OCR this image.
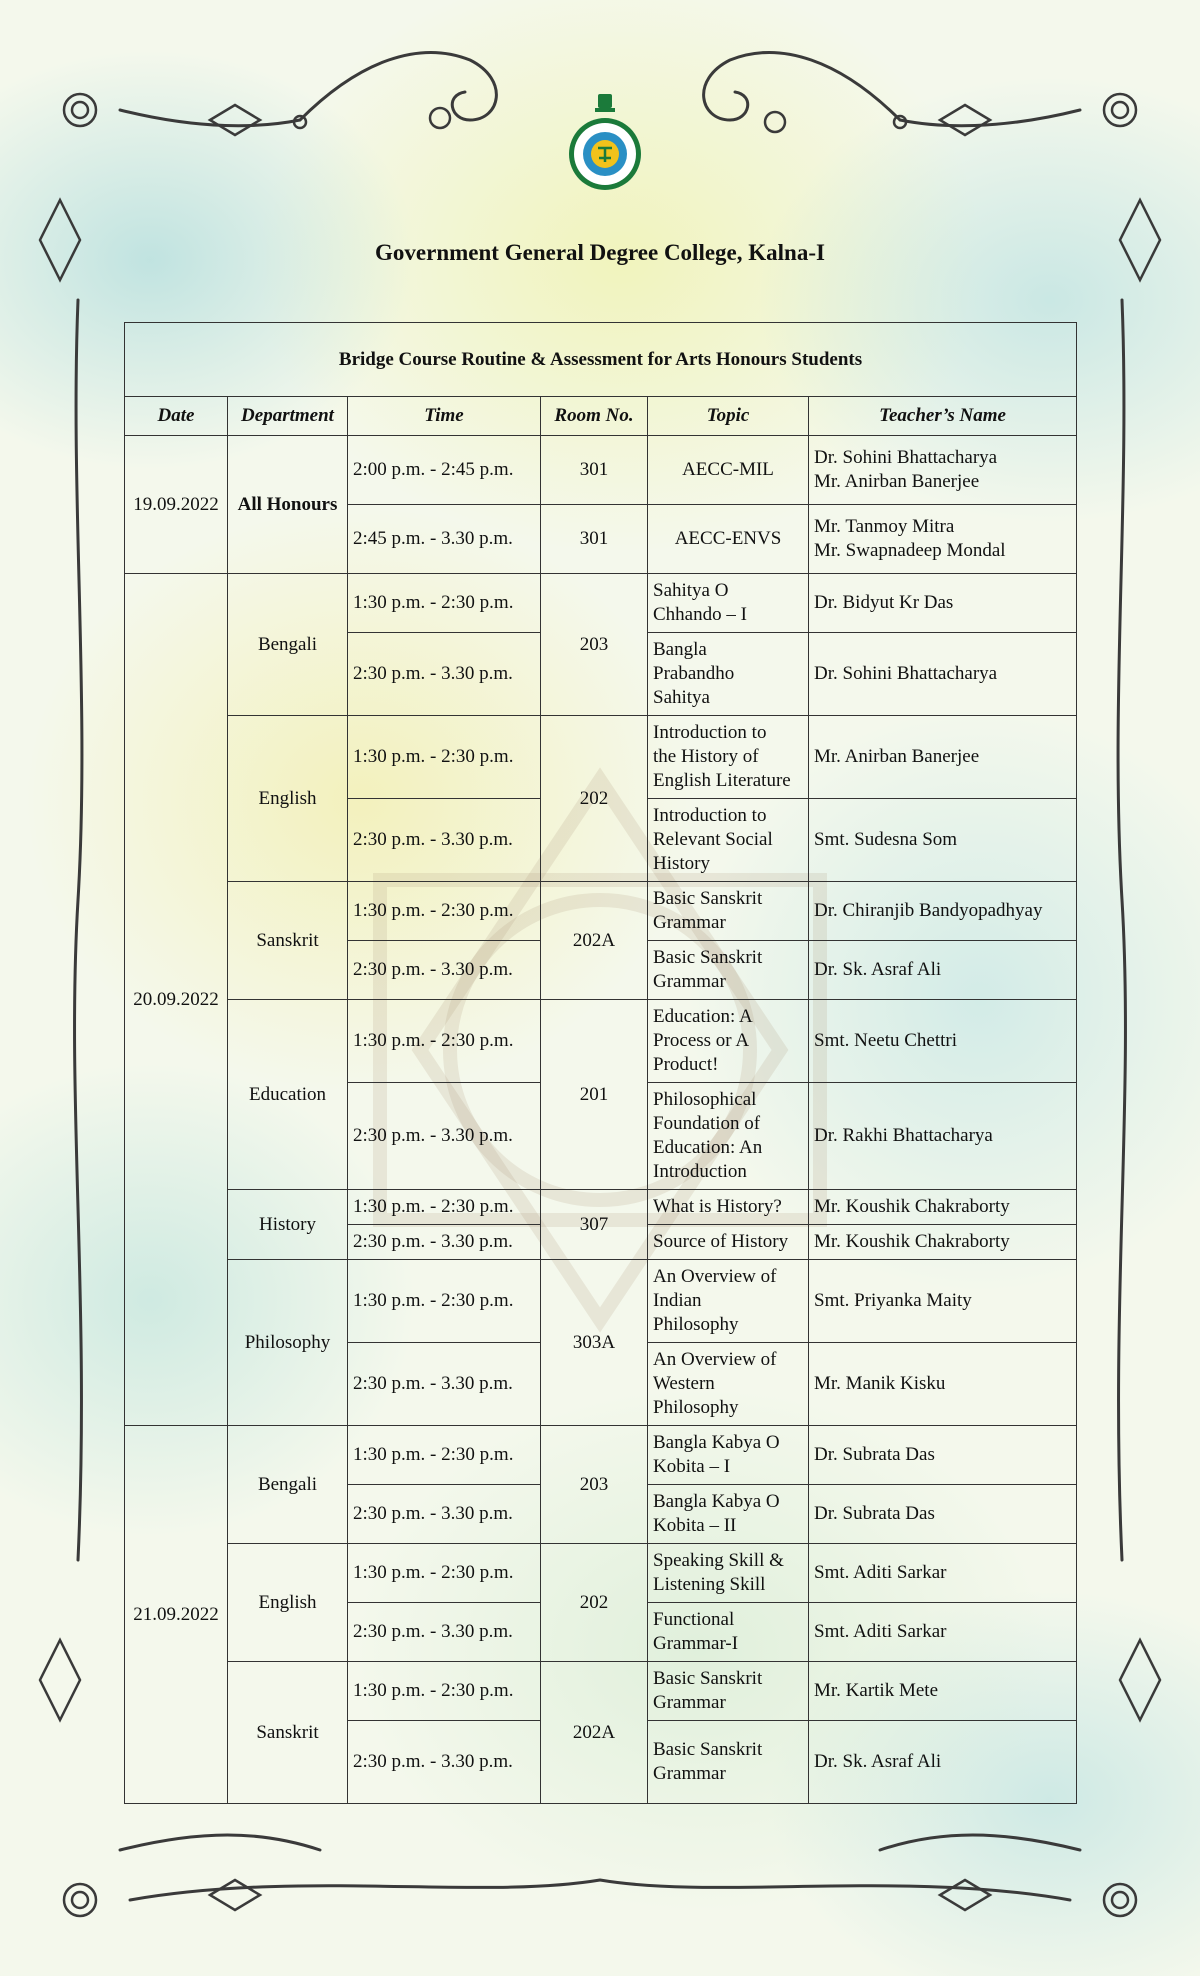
Government General Degree College, Kalna-I
Bridge Course Routine & Assessment for Arts Honours Students					
Date	Department	Time	Room No.	Topic	Teacher’s Name
19.09.2022	All Honours	2:00 p.m. - 2:45 p.m.	301	AECC-MIL	Dr. Sohini Bhattacharya
Mr. Anirban Banerjee
		2:45 p.m. - 3.30 p.m.	301	AECC-ENVS	Mr. Tanmoy Mitra
Mr. Swapnadeep Mondal
20.09.2022	Bengali	1:30 p.m. - 2:30 p.m.	203	Sahitya O
Chhando – I	Dr. Bidyut Kr Das
		2:30 p.m. - 3.30 p.m.		Bangla
Prabandho
Sahitya	Dr. Sohini Bhattacharya
	English	1:30 p.m. - 2:30 p.m.	202	Introduction to
the History of
English Literature	Mr. Anirban Banerjee
		2:30 p.m. - 3.30 p.m.		Introduction to
Relevant Social
History	Smt. Sudesna Som
	Sanskrit	1:30 p.m. - 2:30 p.m.	202A	Basic Sanskrit
Grammar	Dr. Chiranjib Bandyopadhyay
		2:30 p.m. - 3.30 p.m.		Basic Sanskrit
Grammar	Dr. Sk. Asraf Ali
	Education	1:30 p.m. - 2:30 p.m.	201	Education: A
Process or A
Product!	Smt. Neetu Chettri
		2:30 p.m. - 3.30 p.m.		Philosophical
Foundation of
Education: An
Introduction	Dr. Rakhi Bhattacharya
	History	1:30 p.m. - 2:30 p.m.	307	What is History?	Mr. Koushik Chakraborty
		2:30 p.m. - 3.30 p.m.		Source of History	Mr. Koushik Chakraborty
	Philosophy	1:30 p.m. - 2:30 p.m.	303A	An Overview of
Indian
Philosophy	Smt. Priyanka Maity
		2:30 p.m. - 3.30 p.m.		An Overview of
Western
Philosophy	Mr. Manik Kisku
21.09.2022	Bengali	1:30 p.m. - 2:30 p.m.	203	Bangla Kabya O
Kobita – I	Dr. Subrata Das
		2:30 p.m. - 3.30 p.m.		Bangla Kabya O
Kobita – II	Dr. Subrata Das
	English	1:30 p.m. - 2:30 p.m.	202	Speaking Skill &
Listening Skill	Smt. Aditi Sarkar
		2:30 p.m. - 3.30 p.m.		Functional
Grammar-I	Smt. Aditi Sarkar
	Sanskrit	1:30 p.m. - 2:30 p.m.	202A	Basic Sanskrit
Grammar	Mr. Kartik Mete
		2:30 p.m. - 3.30 p.m.		Basic Sanskrit
Grammar	Dr. Sk. Asraf Ali
